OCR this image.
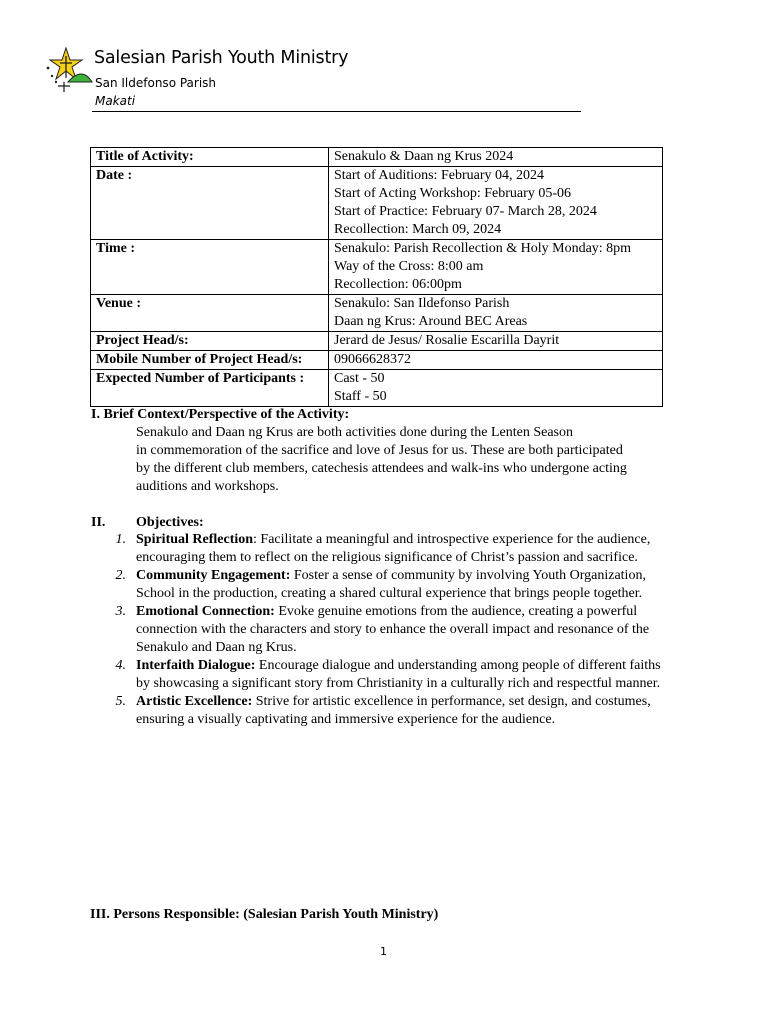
Salesian Parish Youth Ministry
San Ildefonso Parish
Makati
Title of Activity:	Senakulo & Daan ng Krus 2024

Date :	Start of Auditions: February 04, 2024
Start of Acting Workshop: February 05-06
Start of Practice: February 07- March 28, 2024
Recollection: March 09, 2024

Time :	Senakulo: Parish Recollection & Holy Monday: 8pm
Way of the Cross: 8:00 am
Recollection: 06:00pm

Venue :	Senakulo: San Ildefonso Parish
Daan ng Krus: Around BEC Areas

Project Head/s:	Jerard de Jesus/ Rosalie Escarilla Dayrit

Mobile Number of Project Head/s:	09066628372

Expected Number of Participants :	Cast - 50
Staff - 50
I. Brief Context/Perspective of the Activity:
Senakulo and Daan ng Krus are both activities done during the Lenten Season
in commemoration of the sacrifice and love of Jesus for us. These are both participated
by the different club members, catechesis attendees and walk-ins who undergone acting
auditions and workshops.
II. Objectives:
1. Spiritual Reflection: Facilitate a meaningful and introspective experience for the audience, encouraging them to reflect on the religious significance of Christ’s passion and sacrifice.
2. Community Engagement: Foster a sense of community by involving Youth Organization, School in the production, creating a shared cultural experience that brings people together.
3. Emotional Connection: Evoke genuine emotions from the audience, creating a powerful connection with the characters and story to enhance the overall impact and resonance of the Senakulo and Daan ng Krus.
4. Interfaith Dialogue: Encourage dialogue and understanding among people of different faiths by showcasing a significant story from Christianity in a culturally rich and respectful manner.
5. Artistic Excellence: Strive for artistic excellence in performance, set design, and costumes, ensuring a visually captivating and immersive experience for the audience.
III. Persons Responsible: (Salesian Parish Youth Ministry)
1
